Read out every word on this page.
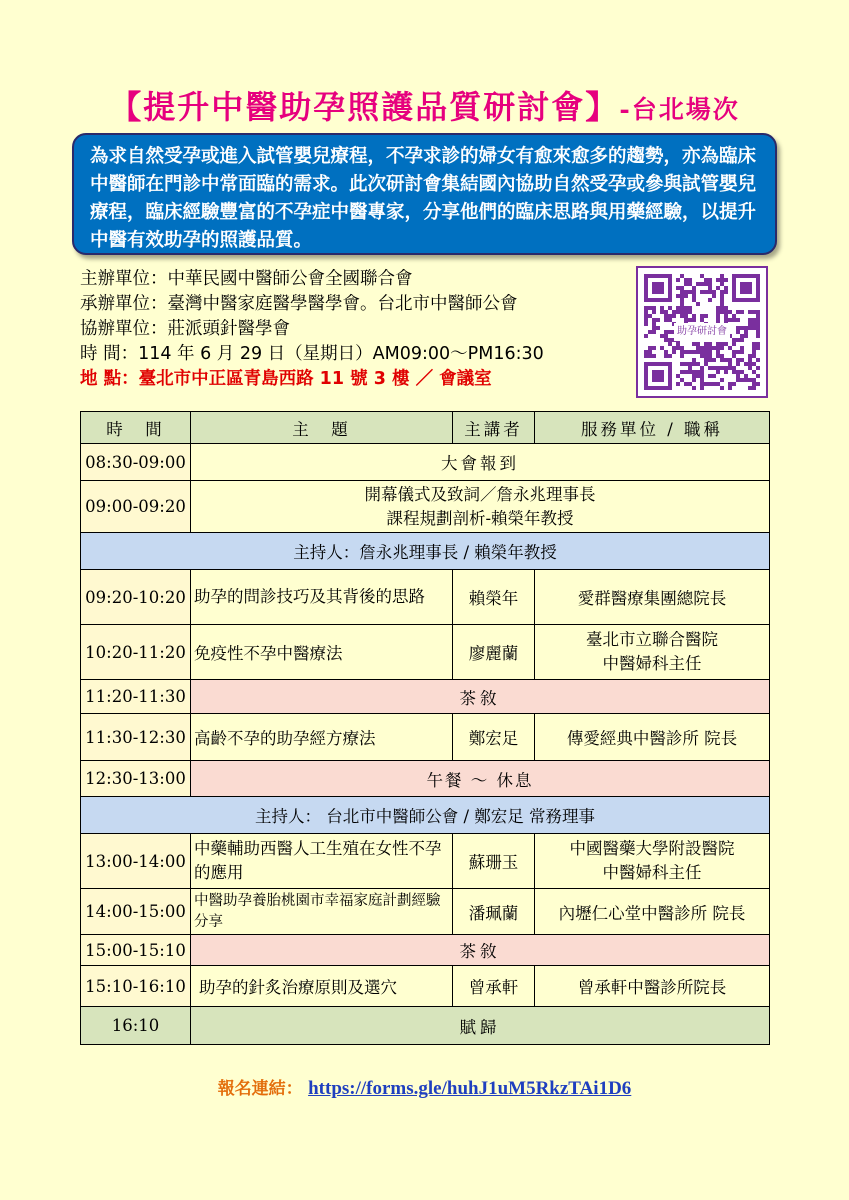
【提升中醫助孕照護品質研討會】-台北場次
為求自然受孕或進入試管嬰兒療程，不孕求診的婦女有愈來愈多的趨勢，亦為臨床中醫師在門診中常面臨的需求。此次研討會集結國內協助自然受孕或參與試管嬰兒療程，臨床經驗豐富的不孕症中醫專家，分享他們的臨床思路與用藥經驗，以提升中醫有效助孕的照護品質。
主辦單位：中華民國中醫師公會全國聯合會
承辦單位：臺灣中醫家庭醫學醫學會。台北市中醫師公會
協辦單位：莊派頭針醫學會
時 間：114 年 6 月 29 日（星期日）AM09:00～PM16:30
地 點：臺北市中正區青島西路 11 號 3 樓 ／ 會議室
助孕研討會
時　間	主　題	主講者	服務單位 / 職稱
08:30-09:00	大會報到		
09:00-09:20	開幕儀式及致詞／詹永兆理事長
課程規劃剖析-賴榮年教授		

主持人：詹永兆理事長 / 賴榮年教授			
09:20-10:20	助孕的問診技巧及其背後的思路	賴榮年	愛群醫療集團總院長
10:20-11:20	免疫性不孕中醫療法	廖麗蘭	臺北市立聯合醫院
中醫婦科主任

11:20-11:30	茶敘		
11:30-12:30	高齡不孕的助孕經方療法	鄭宏足	傳愛經典中醫診所 院長
12:30-13:00	午餐 ～ 休息		
主持人： 台北市中醫師公會 / 鄭宏足 常務理事			
13:00-14:00	中藥輔助西醫人工生殖在女性不孕的應用	蘇珊玉	中國醫藥大學附設醫院
中醫婦科主任

14:00-15:00	中醫助孕養胎桃園市幸福家庭計劃經驗分享	潘珮蘭	內壢仁心堂中醫診所 院長
15:00-15:10	茶敘		
15:10-16:10	助孕的針炙治療原則及選穴	曾承軒	曾承軒中醫診所院長
16:10	賦歸		
報名連結： https://forms.gle/huhJ1uM5RkzTAi1D6
